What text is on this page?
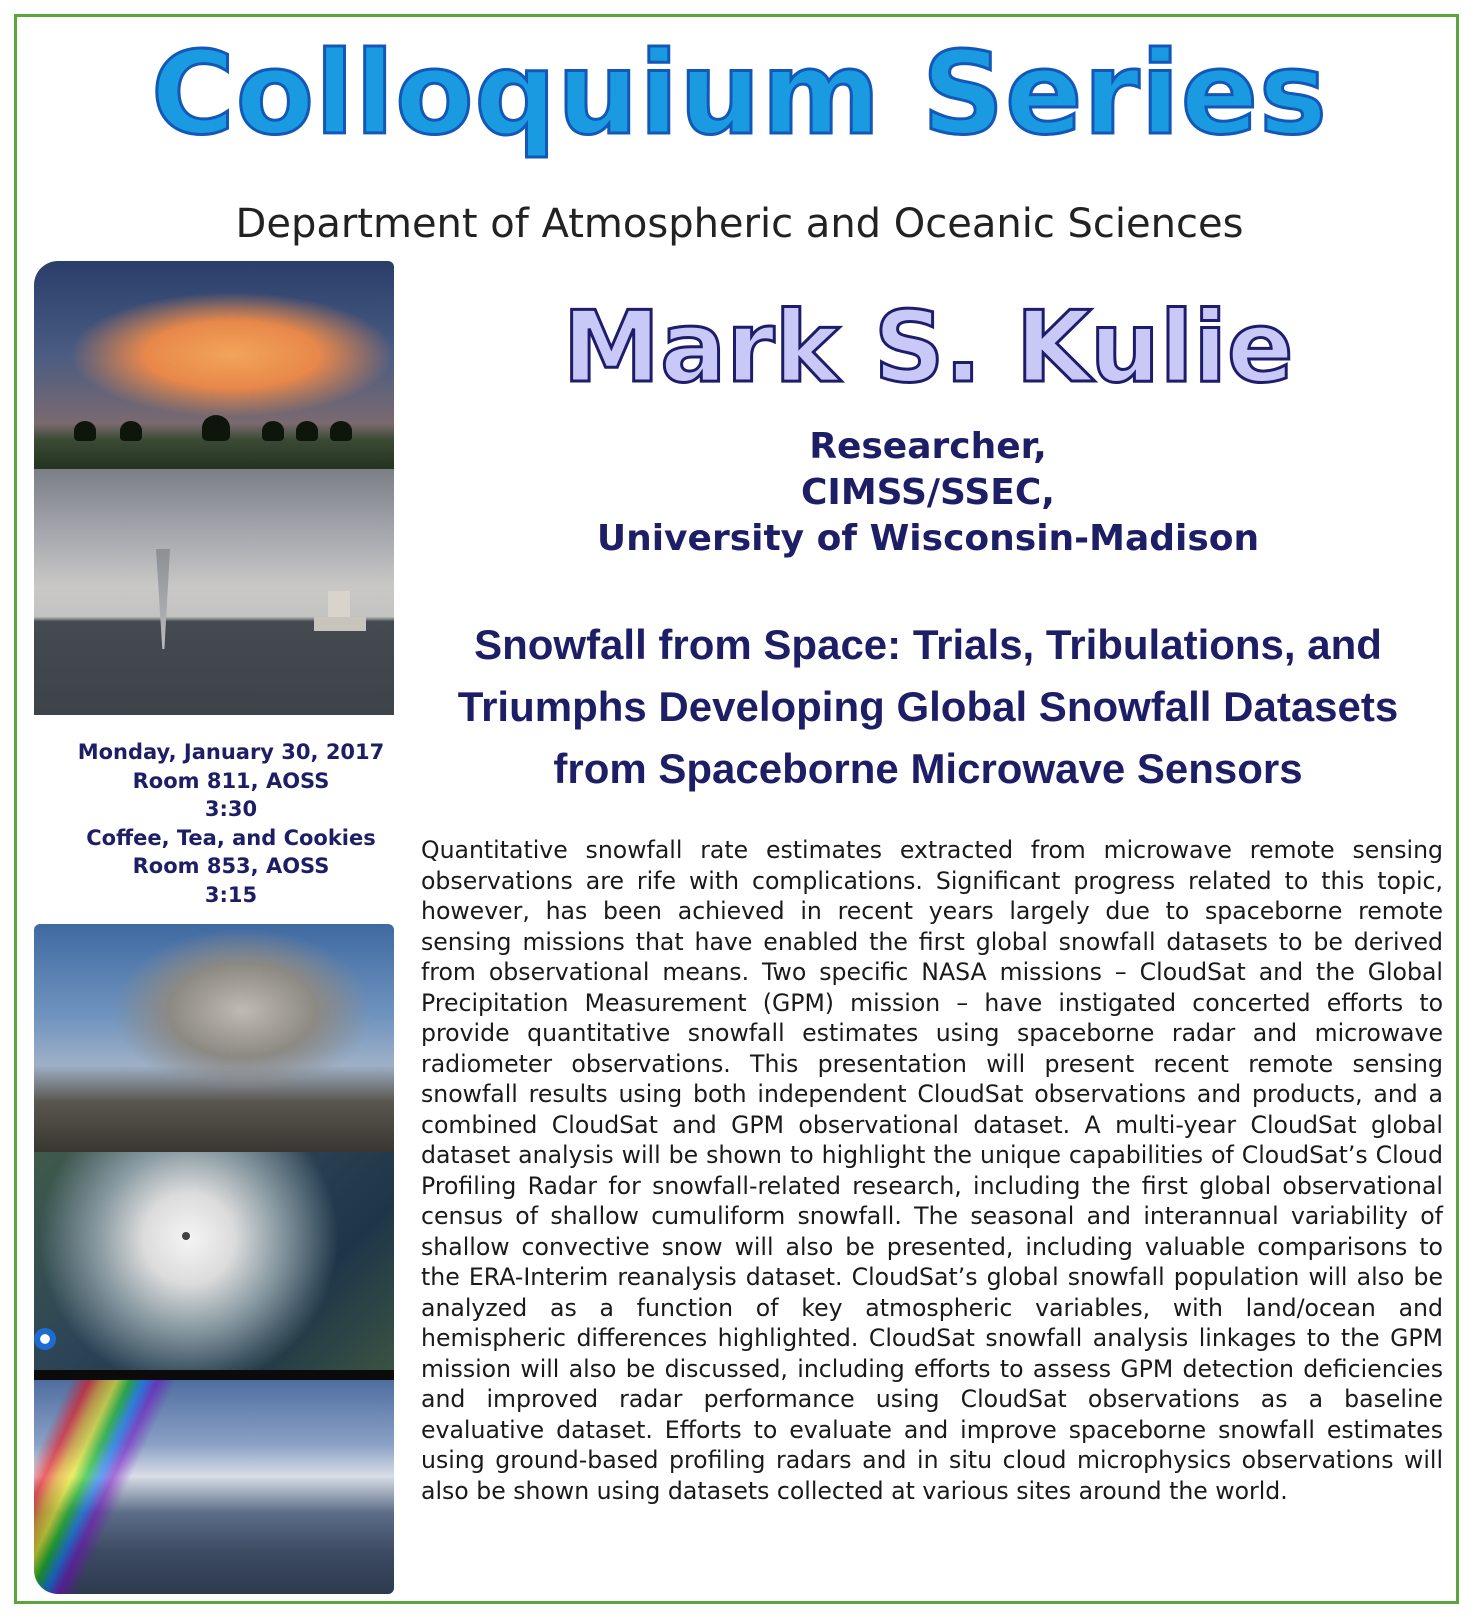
Colloquium Series
Department of Atmospheric and Oceanic Sciences
Monday, January 30, 2017
Room 811, AOSS
3:30
Coffee, Tea, and Cookies
Room 853, AOSS
3:15
Mark S. Kulie
Researcher,
CIMSS/SSEC,
University of Wisconsin-Madison
Snowfall from Space: Trials, Tribulations, and
Triumphs Developing Global Snowfall Datasets
from Spaceborne Microwave Sensors
Quantitative snowfall rate estimates extracted from microwave remote sensing observations are rife with complications. Significant progress related to this topic, however, has been achieved in recent years largely due to spaceborne remote sensing missions that have enabled the first global snowfall datasets to be derived from observational means. Two specific NASA missions – CloudSat and the Global Precipitation Measurement (GPM) mission – have instigated concerted efforts to provide quantitative snowfall estimates using spaceborne radar and microwave radiometer observations. This presentation will present recent remote sensing snowfall results using both independent CloudSat observations and products, and a combined CloudSat and GPM observational dataset. A multi-year CloudSat global dataset analysis will be shown to highlight the unique capabilities of CloudSat’s Cloud Profiling Radar for snowfall-related research, including the first global observational census of shallow cumuliform snowfall. The seasonal and interannual variability of shallow convective snow will also be presented, including valuable comparisons to the ERA-Interim reanalysis dataset. CloudSat’s global snowfall population will also be analyzed as a function of key atmospheric variables, with land/ocean and hemispheric differences highlighted. CloudSat snowfall analysis linkages to the GPM mission will also be discussed, including efforts to assess GPM detection deficiencies and improved radar performance using CloudSat observations as a baseline evaluative dataset. Efforts to evaluate and improve spaceborne snowfall estimates using ground-based profiling radars and in situ cloud microphysics observations will also be shown using datasets collected at various sites around the world.
